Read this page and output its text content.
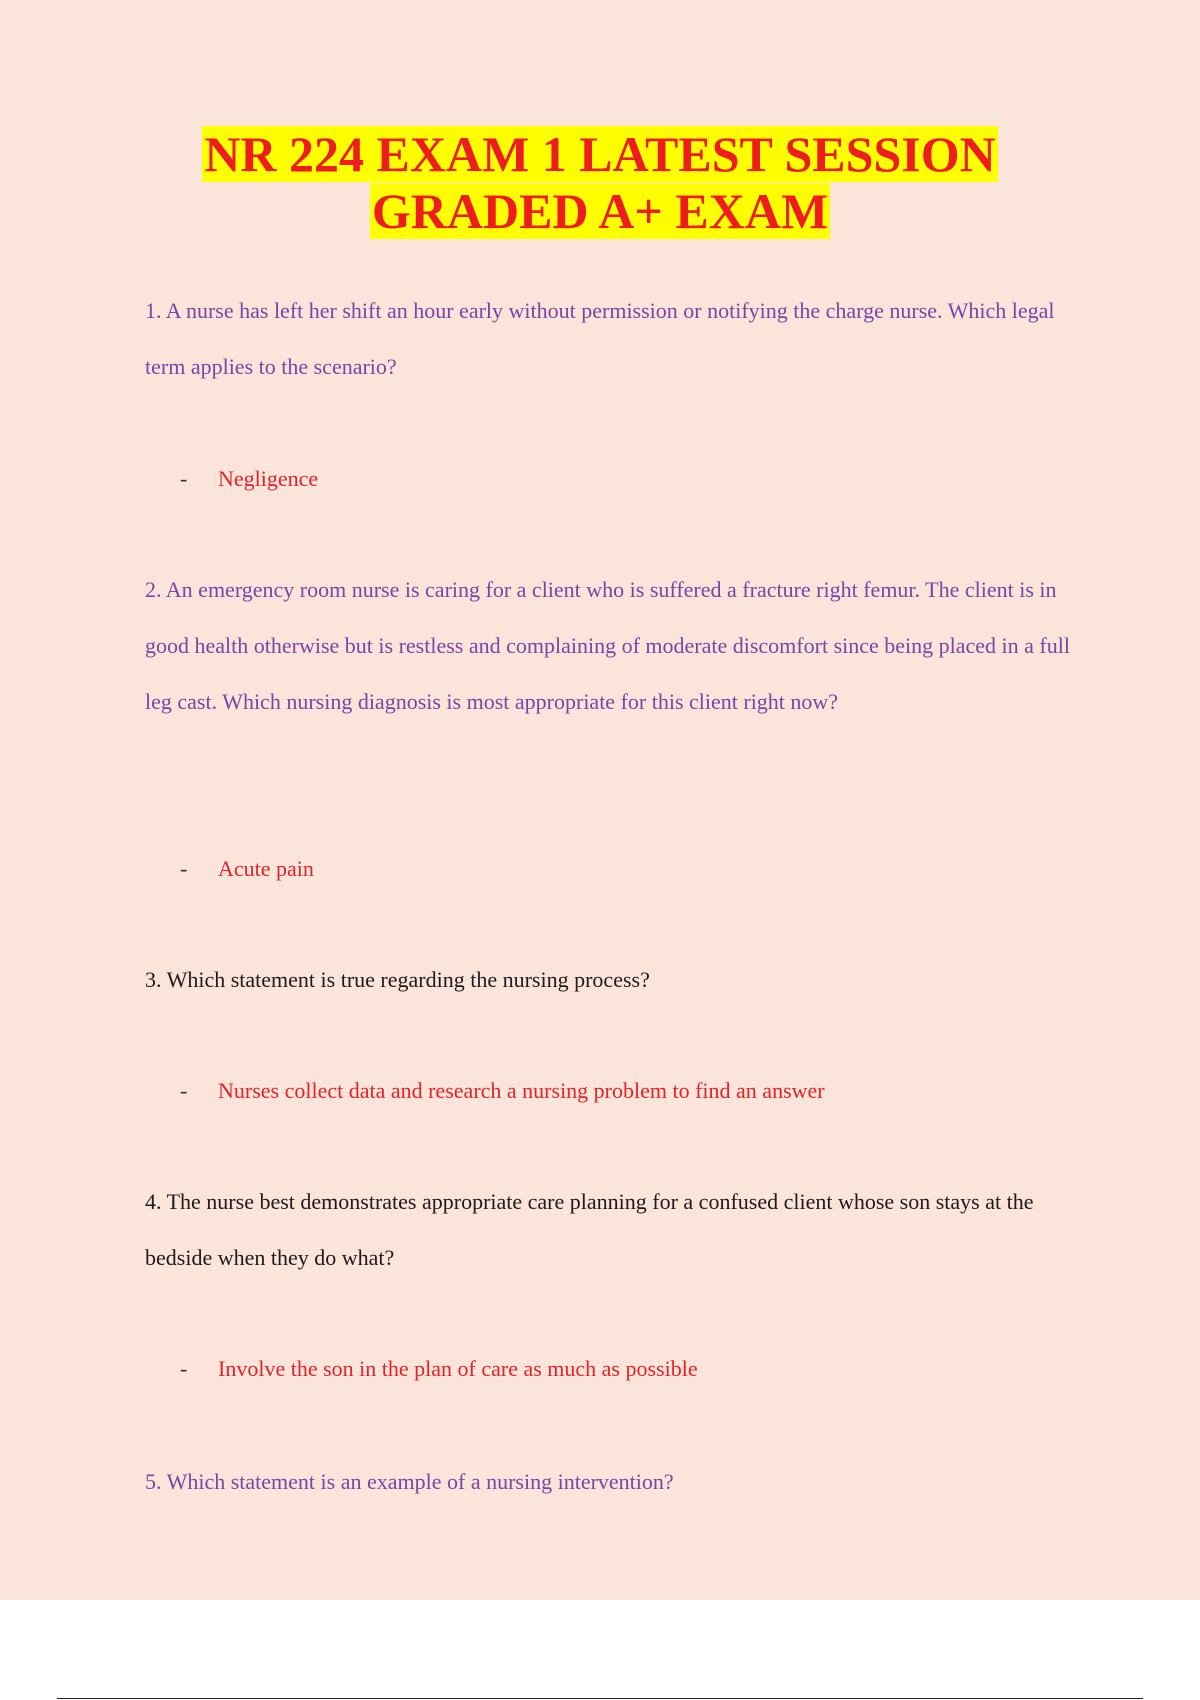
NR 224 EXAM 1 LATEST SESSION
GRADED A+ EXAM

1. A nurse has left her shift an hour early without permission or notifying the charge nurse. Which legal term applies to the scenario?

- Negligence

2. An emergency room nurse is caring for a client who is suffered a fracture right femur. The client is in good health otherwise but is restless and complaining of moderate discomfort since being placed in a full leg cast. Which nursing diagnosis is most appropriate for this client right now?

- Acute pain

3. Which statement is true regarding the nursing process?

- Nurses collect data and research a nursing problem to find an answer

4. The nurse best demonstrates appropriate care planning for a confused client whose son stays at the bedside when they do what?

- Involve the son in the plan of care as much as possible

5. Which statement is an example of a nursing intervention?
